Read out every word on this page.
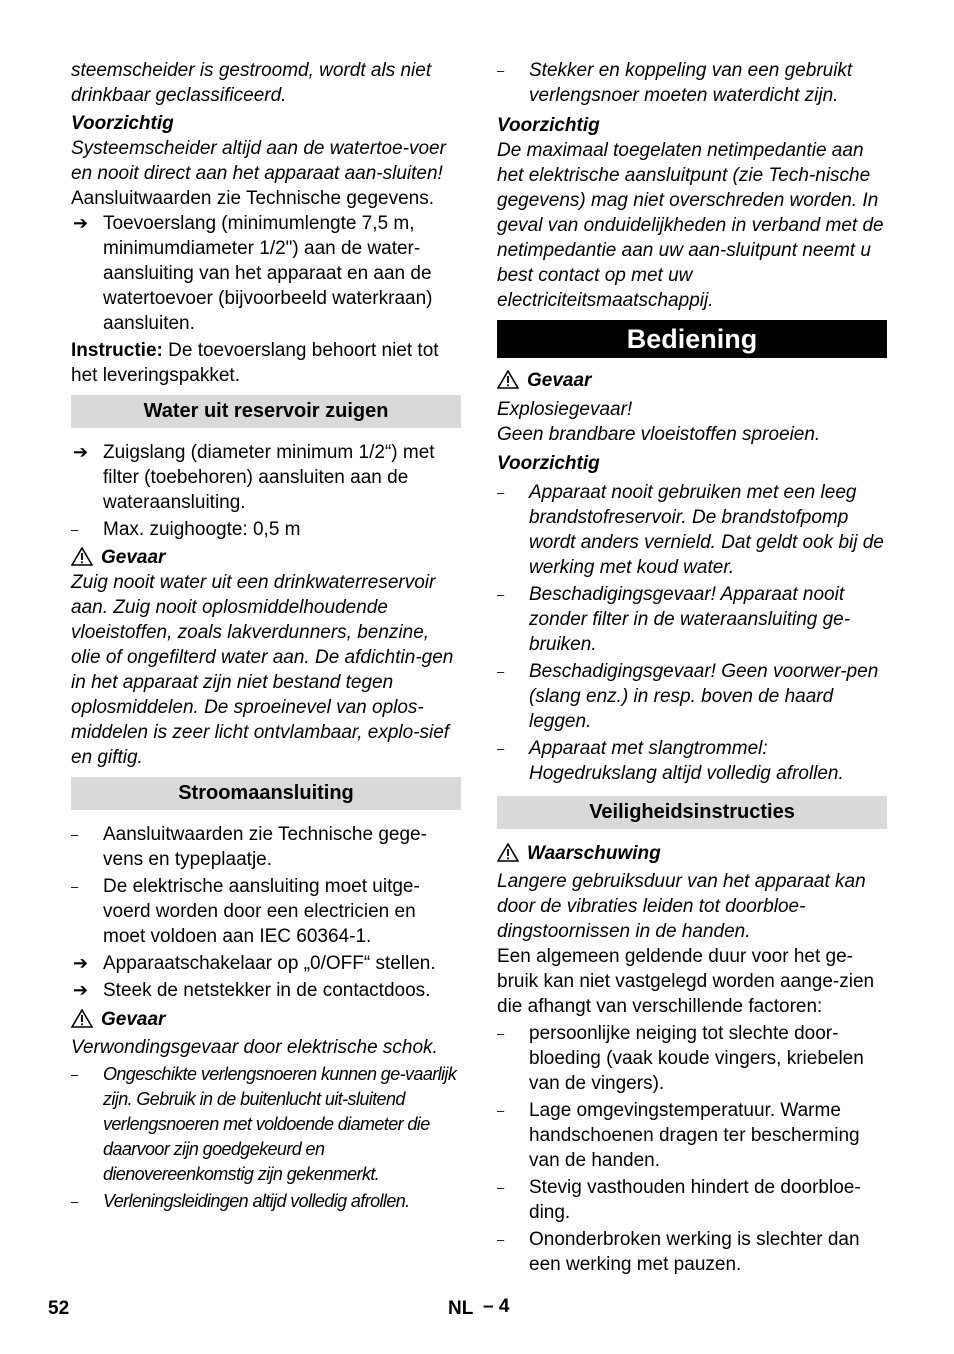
steemscheider is gestroomd, wordt als niet drinkbaar geclassificeerd.

Voorzichtig

Systeemscheider altijd aan de watertoe-voer en nooit direct aan het apparaat aan-sluiten!

Aansluitwaarden zie Technische gegevens.

➔ Toevoerslang (minimumlengte 7,5 m, minimumdiameter 1/2") aan de water-aansluiting van het apparaat en aan de watertoevoer (bijvoorbeeld waterkraan) aansluiten.

Instructie: De toevoerslang behoort niet tot het leveringspakket.

Water uit reservoir zuigen
➔ Zuigslang (diameter minimum 1/2“) met filter (toebehoren) aansluiten aan de wateraansluiting.
– Max. zuighoogte: 0,5 m

Gevaar

Zuig nooit water uit een drinkwaterreservoir aan. Zuig nooit oplosmiddelhoudende vloeistoffen, zoals lakverdunners, benzine, olie of ongefilterd water aan. De afdichtin-gen in het apparaat zijn niet bestand tegen oplosmiddelen. De sproeinevel van oplos-middelen is zeer licht ontvlambaar, explo-sief en giftig.

Stroomaansluiting
– Aansluitwaarden zie Technische gege-vens en typeplaatje.
– De elektrische aansluiting moet uitge-voerd worden door een electricien en moet voldoen aan IEC 60364-1.
➔ Apparaatschakelaar op „0/OFF“ stellen.
➔ Steek de netstekker in de contactdoos.

Gevaar

Verwondingsgevaar door elektrische schok.

– Ongeschikte verlengsnoeren kunnen ge-vaarlijk zijn. Gebruik in de buitenlucht uit-sluitend verlengsnoeren met voldoende diameter die daarvoor zijn goedgekeurd en dienovereenkomstig zijn gekenmerkt.
– Verleningsleidingen altijd volledig afrollen.
– Stekker en koppeling van een gebruikt verlengsnoer moeten waterdicht zijn.

Voorzichtig

De maximaal toegelaten netimpedantie aan het elektrische aansluitpunt (zie Tech-nische gegevens) mag niet overschreden worden. In geval van onduidelijkheden in verband met de netimpedantie aan uw aan-sluitpunt neemt u best contact op met uw electriciteitsmaatschappij.

Bediening

Gevaar

Explosiegevaar!

Geen brandbare vloeistoffen sproeien.

Voorzichtig

– Apparaat nooit gebruiken met een leeg brandstofreservoir. De brandstofpomp wordt anders vernield. Dat geldt ook bij de werking met koud water.
– Beschadigingsgevaar! Apparaat nooit zonder filter in de wateraansluiting ge-bruiken.
– Beschadigingsgevaar! Geen voorwer-pen (slang enz.) in resp. boven de haard leggen.
– Apparaat met slangtrommel:
Hogedrukslang altijd volledig afrollen.
Veiligheidsinstructies

Waarschuwing

Langere gebruiksduur van het apparaat kan door de vibraties leiden tot doorbloe-dingstoornissen in de handen.

Een algemeen geldende duur voor het ge-bruik kan niet vastgelegd worden aange-zien die afhangt van verschillende factoren:

– persoonlijke neiging tot slechte door-bloeding (vaak koude vingers, kriebelen van de vingers).
– Lage omgevingstemperatuur. Warme handschoenen dragen ter bescherming van de handen.
– Stevig vasthouden hindert de doorbloe-ding.
– Ononderbroken werking is slechter dan een werking met pauzen.
52	NL – 4
